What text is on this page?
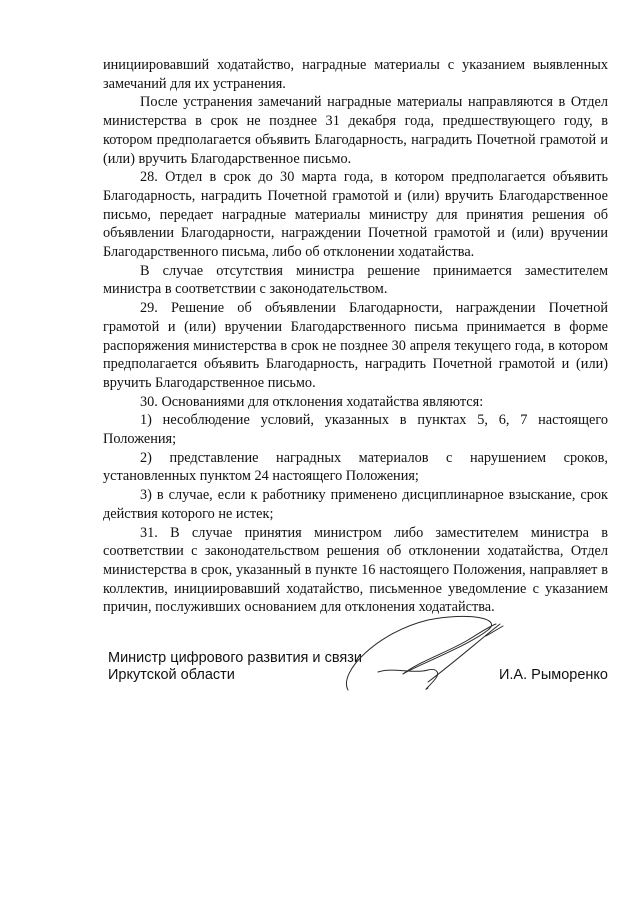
инициировавший ходатайство, наградные материалы с указанием выявленных замечаний для их устранения.

После устранения замечаний наградные материалы направляются в Отдел министерства в срок не позднее 31 декабря года, предшествующего году, в котором предполагается объявить Благодарность, наградить Почетной грамотой и (или) вручить Благодарственное письмо.

28. Отдел в срок до 30 марта года, в котором предполагается объявить Благодарность, наградить Почетной грамотой и (или) вручить Благодарственное письмо, передает наградные материалы министру для принятия решения об объявлении Благодарности, награждении Почетной грамотой и (или) вручении Благодарственного письма, либо об отклонении ходатайства.

В случае отсутствия министра решение принимается заместителем министра в соответствии с законодательством.

29. Решение об объявлении Благодарности, награждении Почетной грамотой и (или) вручении Благодарственного письма принимается в форме распоряжения министерства в срок не позднее 30 апреля текущего года, в котором предполагается объявить Благодарность, наградить Почетной грамотой и (или) вручить Благодарственное письмо.

30. Основаниями для отклонения ходатайства являются:

1) несоблюдение условий, указанных в пунктах 5, 6, 7 настоящего Положения;

2) представление наградных материалов с нарушением сроков, установленных пунктом 24 настоящего Положения;

3) в случае, если к работнику применено дисциплинарное взыскание, срок действия которого не истек;

31. В случае принятия министром либо заместителем министра в соответствии с законодательством решения об отклонении ходатайства, Отдел министерства в срок, указанный в пункте 16 настоящего Положения, направляет в коллектив, инициировавший ходатайство, письменное уведомление с указанием причин, послуживших основанием для отклонения ходатайства.

Министр цифрового развития и связи
Иркутской области	И.А. Рыморенко
